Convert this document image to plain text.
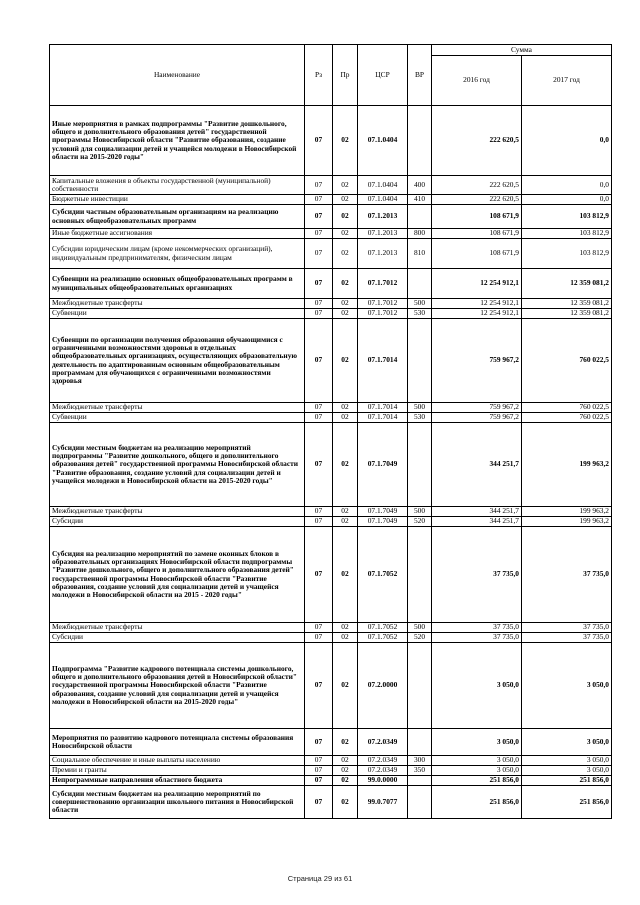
Наименование	Рз	Пр	ЦСР	ВР	Сумма	
					2016 год	2017 год
Иные мероприятия в рамках подпрограммы "Развитие дошкольного, общего и дополнительного образования детей" государственной программы Новосибирской области "Развитие образования, создание условий для социализации детей и учащейся молодежи в Новосибирской области на 2015-2020 годы"	07	02	07.1.0404		222 620,5	0,0
Капитальные вложения в объекты государственной (муниципальной) собственности	07	02	07.1.0404	400	222 620,5	0,0
Бюджетные инвестиции	07	02	07.1.0404	410	222 620,5	0,0
Субсидии частным образовательным организациям на реализацию основных общеобразовательных программ	07	02	07.1.2013		108 671,9	103 812,9
Иные бюджетные ассигнования	07	02	07.1.2013	800	108 671,9	103 812,9
Субсидии юридическим лицам (кроме некоммерческих организаций), индивидуальным предпринимателям, физическим лицам	07	02	07.1.2013	810	108 671,9	103 812,9
Субвенции на реализацию основных общеобразовательных программ в муниципальных общеобразовательных организациях	07	02	07.1.7012		12 254 912,1	12 359 081,2
Межбюджетные трансферты	07	02	07.1.7012	500	12 254 912,1	12 359 081,2
Субвенции	07	02	07.1.7012	530	12 254 912,1	12 359 081,2
Субвенции по организации получения образования обучающимися с ограниченными возможностями здоровья в отдельных общеобразовательных организациях, осуществляющих образовательную деятельность по адаптированным основным общеобразовательным программам для обучающихся с ограниченными возможностями здоровья	07	02	07.1.7014		759 967,2	760 022,5
Межбюджетные трансферты	07	02	07.1.7014	500	759 967,2	760 022,5
Субвенции	07	02	07.1.7014	530	759 967,2	760 022,5
Субсидии местным бюджетам на реализацию мероприятий подпрограммы "Развитие дошкольного, общего и дополнительного образования детей" государственной программы Новосибирской области "Развитие образования, создание условий для социализации детей и учащейся молодежи в Новосибирской области на 2015-2020 годы"	07	02	07.1.7049		344 251,7	199 963,2
Межбюджетные трансферты	07	02	07.1.7049	500	344 251,7	199 963,2
Субсидии	07	02	07.1.7049	520	344 251,7	199 963,2
Субсидия на реализацию мероприятий по замене оконных блоков в образовательных организациях Новосибирской области подпрограммы "Развитие дошкольного, общего и дополнительного образования детей" государственной программы Новосибирской области "Развитие образования, создание условий для социализации детей и учащейся молодежи в Новосибирской области на 2015 - 2020 годы"	07	02	07.1.7052		37 735,0	37 735,0
Межбюджетные трансферты	07	02	07.1.7052	500	37 735,0	37 735,0
Субсидии	07	02	07.1.7052	520	37 735,0	37 735,0
Подпрограмма "Развитие кадрового потенциала системы дошкольного, общего и дополнительного образования детей в Новосибирской области" государственной программы Новосибирской области "Развитие образования, создание условий для социализации детей и учащейся молодежи в Новосибирской области на 2015-2020 годы"	07	02	07.2.0000		3 050,0	3 050,0
Мероприятия по развитию кадрового потенциала системы образования Новосибирской области	07	02	07.2.0349		3 050,0	3 050,0
Социальное обеспечение и иные выплаты населению	07	02	07.2.0349	300	3 050,0	3 050,0
Премии и гранты	07	02	07.2.0349	350	3 050,0	3 050,0
Непрограммные направления областного бюджета	07	02	99.0.0000		251 856,0	251 856,0
Субсидии местным бюджетам на реализацию мероприятий по совершенствованию организации школьного питания в Новосибирской области	07	02	99.0.7077		251 856,0	251 856,0
Страница 29 из 61
